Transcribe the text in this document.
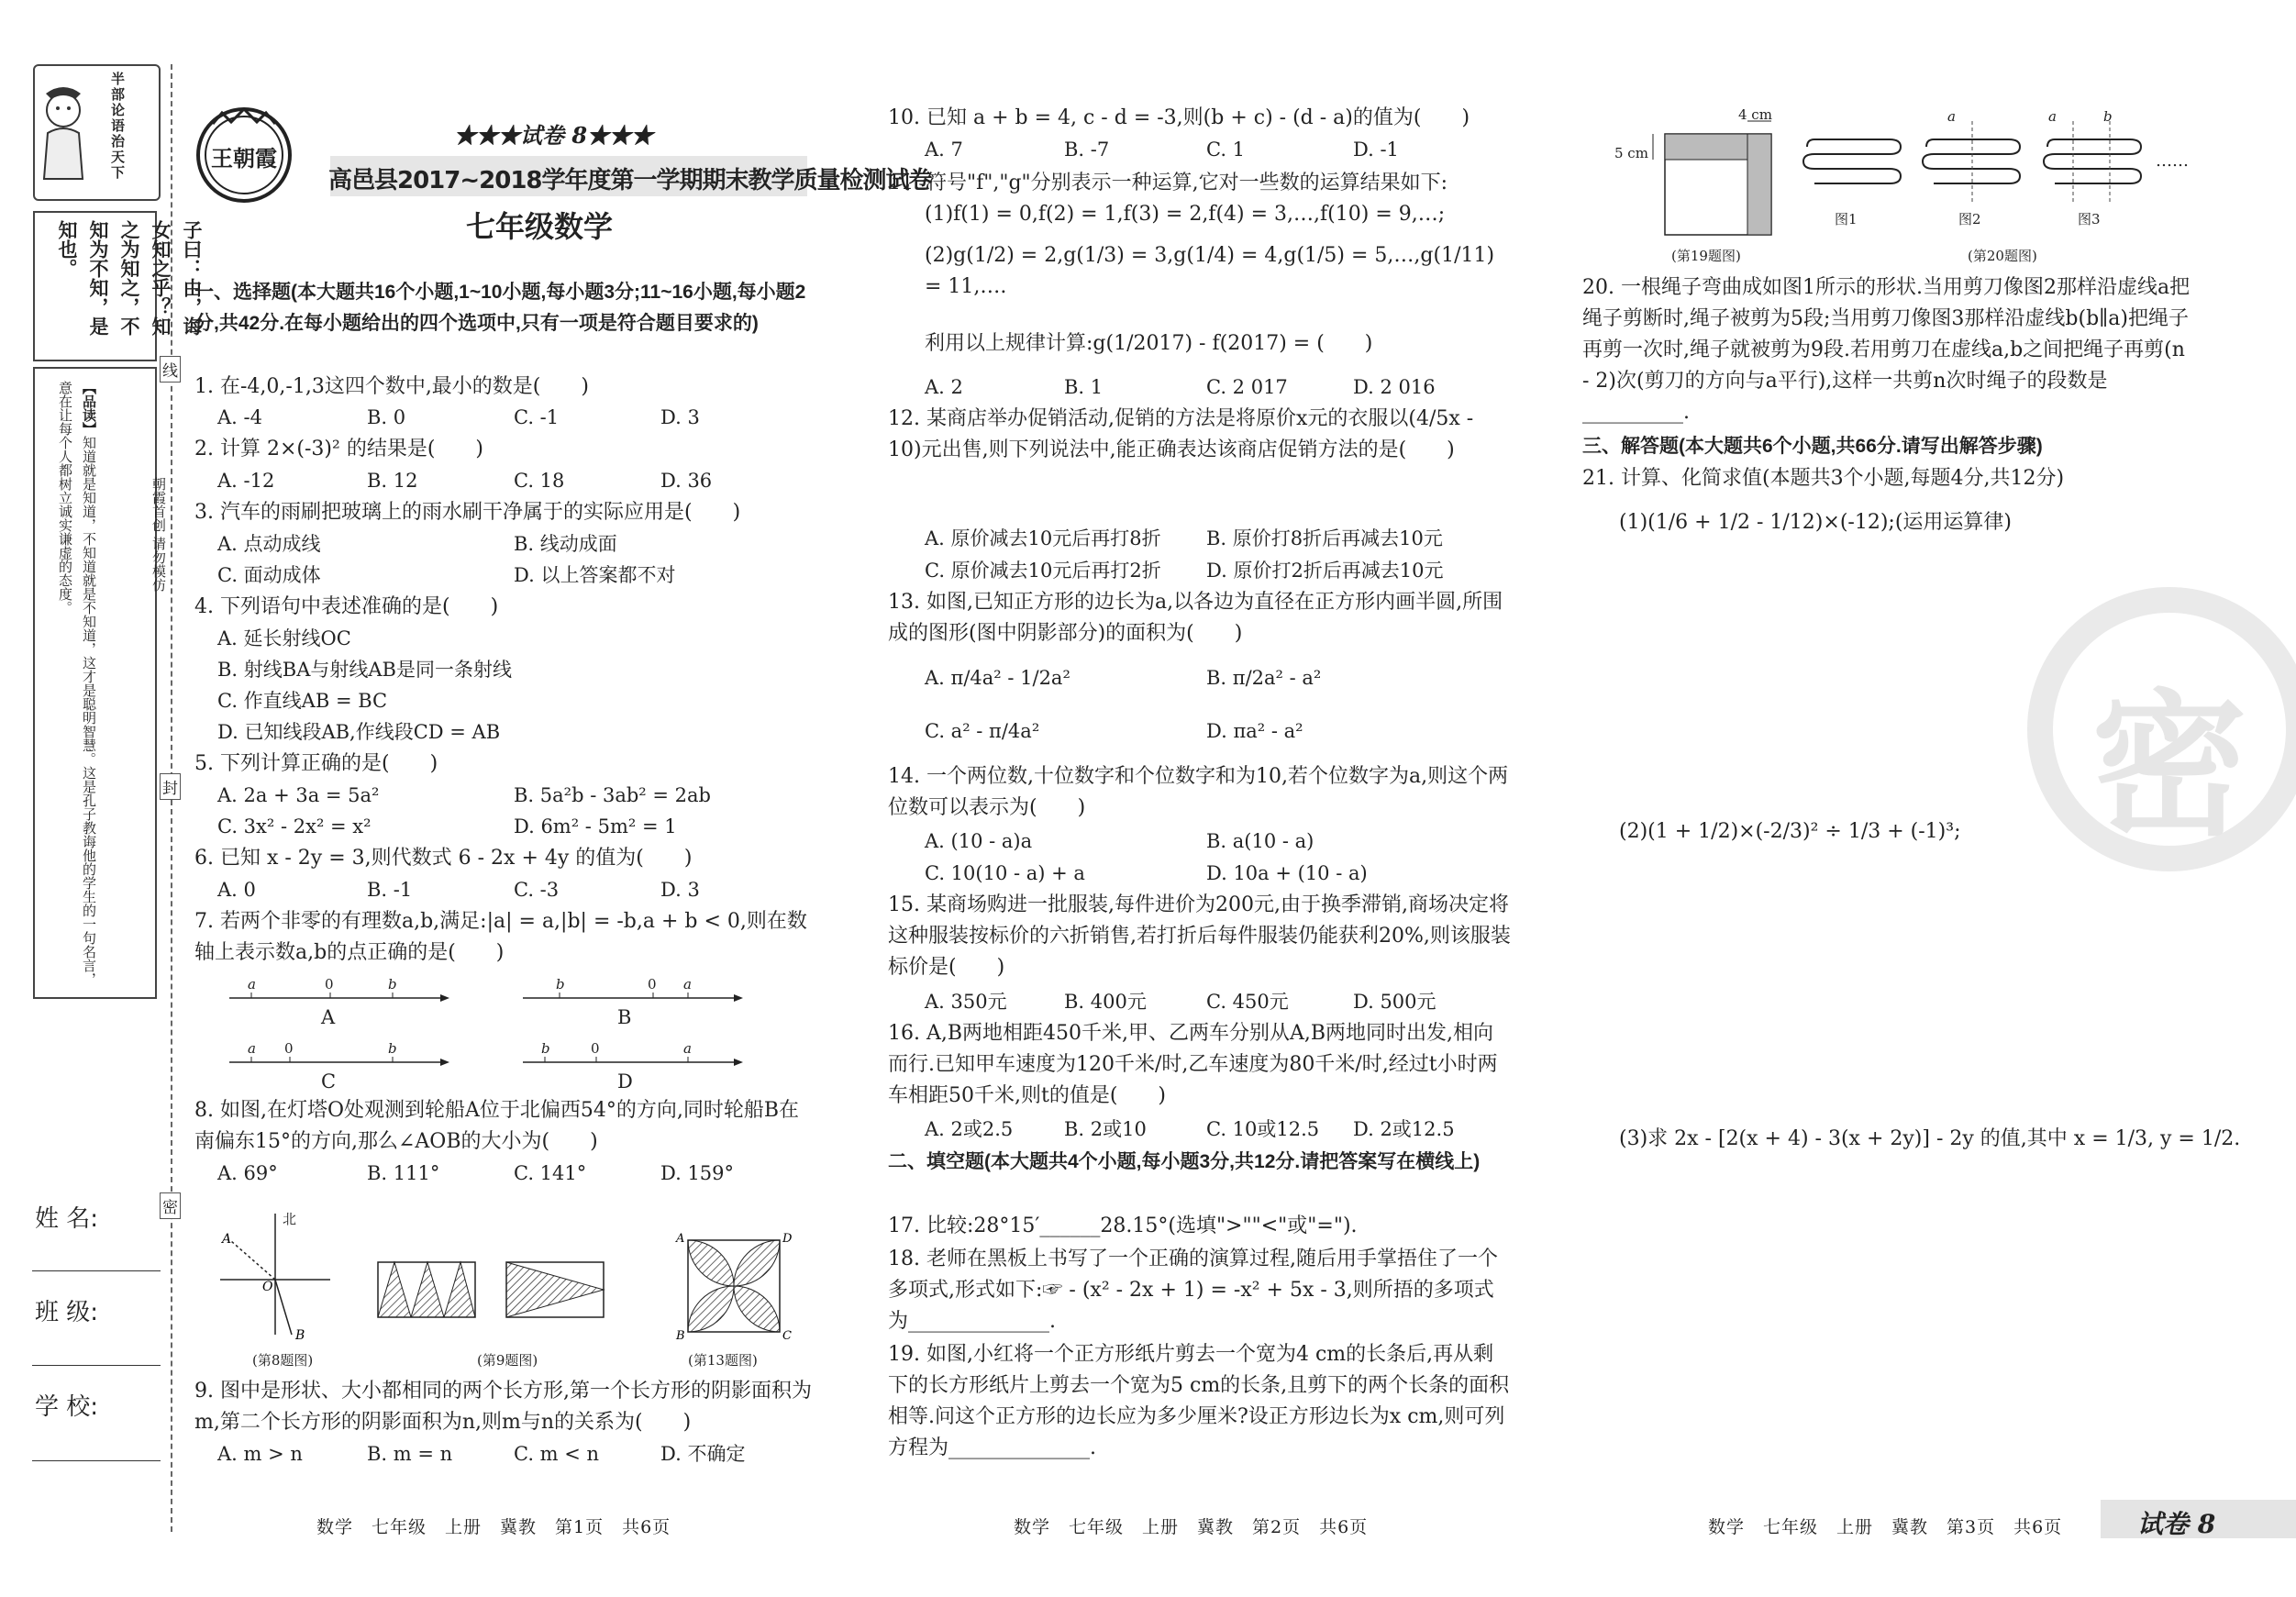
半部论语治天下
子曰：由，诲女知之乎？知之为知之，不知为不知，是知也。
【品读】知道就是知道，不知道就是不知道，这才是聪明智慧。这是孔子教诲他的学生的一句名言，意在让每个人都树立诚实谦虚的态度。
姓 名:
班 级:
学 校:
线
封
密
朝霞首创 请勿模仿
王朝霞
★★★试卷 8★★★
高邑县2017~2018学年度第一学期期末教学质量检测试卷
七年级数学
一、选择题(本大题共16个小题,1~10小题,每小题3分;11~16小题,每小题2分,共42分.在每小题给出的四个选项中,只有一项是符合题目要求的)
1. 在-4,0,-1,3这四个数中,最小的数是(　　)
A. -4	B. 0	C. -1	D. 3
2. 计算 2×(-3)² 的结果是(　　)
A. -12	B. 12	C. 18	D. 36
3. 汽车的雨刷把玻璃上的雨水刷干净属于的实际应用是(　　)
A. 点动成线	B. 线动成面
C. 面动成体	D. 以上答案都不对
4. 下列语句中表述准确的是(　　)
A. 延长射线OC
B. 射线BA与射线AB是同一条射线
C. 作直线AB = BC
D. 已知线段AB,作线段CD = AB
5. 下列计算正确的是(　　)
A. 2a + 3a = 5a²	B. 5a²b - 3ab² = 2ab
C. 3x² - 2x² = x²	D. 6m² - 5m² = 1
6. 已知 x - 2y = 3,则代数式 6 - 2x + 4y 的值为(　　)
A. 0	B. -1	C. -3	D. 3
7. 若两个非零的有理数a,b,满足:|a| = a,|b| = -b,a + b < 0,则在数轴上表示数a,b的点正确的是(　　)
a	0	b	b	0 a
a 0	b	b	0	a
A	B
C	D
8. 如图,在灯塔O处观测到轮船A位于北偏西54°的方向,同时轮船B在南偏东15°的方向,那么∠AOB的大小为(　　)
A. 69°	B. 111°	C. 141°	D. 159°
A
O
B
北
(第8题图)	(第9题图)
A	D
B	C
(第13题图)
9. 图中是形状、大小都相同的两个长方形,第一个长方形的阴影面积为m,第二个长方形的阴影面积为n,则m与n的关系为(　　)
A. m > n	B. m = n	C. m < n	D. 不确定
数学　七年级　上册　冀教　第1页　共6页
10. 已知 a + b = 4, c - d = -3,则(b + c) - (d - a)的值为(　　)
A. 7	B. -7	C. 1	D. -1
11. 符号"f","g"分别表示一种运算,它对一些数的运算结果如下:
(1)f(1) = 0,f(2) = 1,f(3) = 2,f(4) = 3,…,f(10) = 9,…;
(2)g(1/2) = 2,g(1/3) = 3,g(1/4) = 4,g(1/5) = 5,…,g(1/11) = 11,….
利用以上规律计算:g(1/2017) - f(2017) = (　　)
A. 2	B. 1	C. 2 017	D. 2 016
12. 某商店举办促销活动,促销的方法是将原价x元的衣服以(4/5x - 10)元出售,则下列说法中,能正确表达该商店促销方法的是(　　)
A. 原价减去10元后再打8折 B. 原价打8折后再减去10元
C. 原价减去10元后再打2折 D. 原价打2折后再减去10元
13. 如图,已知正方形的边长为a,以各边为直径在正方形内画半圆,所围成的图形(图中阴影部分)的面积为(　　)
A. π/4a² - 1/2a²	B. π/2a² - a²
C. a² - π/4a²	D. πa² - a²
14. 一个两位数,十位数字和个位数字和为10,若个位数字为a,则这个两位数可以表示为(　　)
A. (10 - a)a	B. a(10 - a)
C. 10(10 - a) + a	D. 10a + (10 - a)
15. 某商场购进一批服装,每件进价为200元,由于换季滞销,商场决定将这种服装按标价的六折销售,若打折后每件服装仍能获利20%,则该服装标价是(　　)
A. 350元	B. 400元	C. 450元	D. 500元
16. A,B两地相距450千米,甲、乙两车分别从A,B两地同时出发,相向而行.已知甲车速度为120千米/时,乙车速度为80千米/时,经过t小时两车相距50千米,则t的值是(　　)
A. 2或2.5	B. 2或10	C. 10或12.5 D. 2或12.5
二、填空题(本大题共4个小题,每小题3分,共12分.请把答案写在横线上)
17. 比较:28°15′______28.15°(选填">""<"或"=").
18. 老师在黑板上书写了一个正确的演算过程,随后用手掌捂住了一个多项式,形式如下:☞ - (x² - 2x + 1) = -x² + 5x - 3,则所捂的多项式为______________.
19. 如图,小红将一个正方形纸片剪去一个宽为4 cm的长条后,再从剩下的长方形纸片上剪去一个宽为5 cm的长条,且剪下的两个长条的面积相等.问这个正方形的边长应为多少厘米?设正方形边长为x cm,则可列方程为______________.
数学　七年级　上册　冀教　第2页　共6页
4 cm
5 cm
(第19题图)
a	a	b
……
图1	图2	图3
(第20题图)
20. 一根绳子弯曲成如图1所示的形状.当用剪刀像图2那样沿虚线a把绳子剪断时,绳子被剪为5段;当用剪刀像图3那样沿虚线b(b∥a)把绳子再剪一次时,绳子就被剪为9段.若用剪刀在虚线a,b之间把绳子再剪(n - 2)次(剪刀的方向与a平行),这样一共剪n次时绳子的段数是__________.
三、解答题(本大题共6个小题,共66分.请写出解答步骤)
21. 计算、化简求值(本题共3个小题,每题4分,共12分)
(1)(1/6 + 1/2 - 1/12)×(-12);(运用运算律)
(2)(1 + 1/2)×(-2/3)² ÷ 1/3 + (-1)³;
(3)求 2x - [2(x + 4) - 3(x + 2y)] - 2y 的值,其中 x = 1/3, y = 1/2.
密
数学　七年级　上册　冀教　第3页　共6页	试卷 8
